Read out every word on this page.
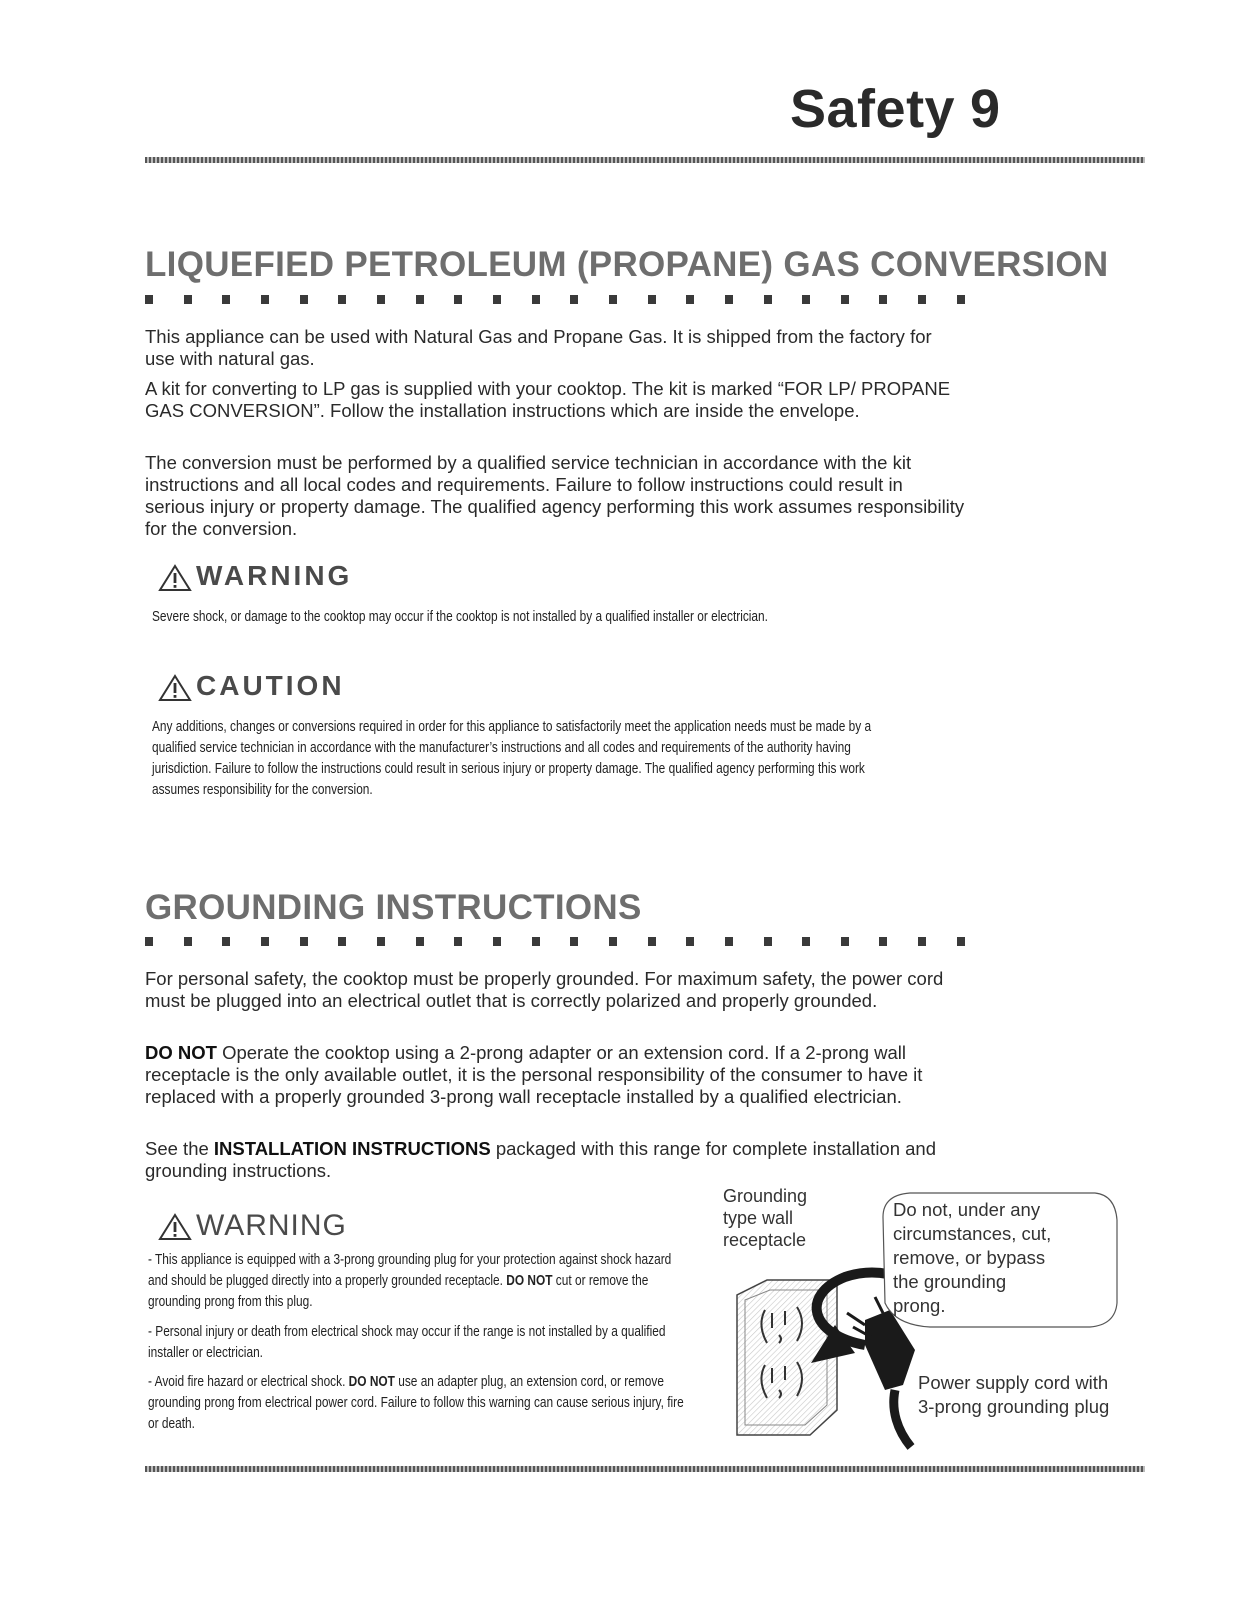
Safety 9
LIQUEFIED PETROLEUM (PROPANE) GAS CONVERSION
This appliance can be used with Natural Gas and Propane Gas. It is shipped from the factory for use with natural gas.
A kit for converting to LP gas is supplied with your cooktop. The kit is marked “FOR LP/ PROPANE GAS CONVERSION”. Follow the installation instructions which are inside the envelope.
The conversion must be performed by a qualified service technician in accordance with the kit instructions and all local codes and requirements. Failure to follow instructions could result in serious injury or property damage. The qualified agency performing this work assumes responsibility for the conversion.
WARNING
Severe shock, or damage to the cooktop may occur if the cooktop is not installed by a qualified installer or electrician.
CAUTION
Any additions, changes or conversions required in order for this appliance to satisfactorily meet the application needs must be made by a qualified service technician in accordance with the manufacturer’s instructions and all codes and requirements of the authority having jurisdiction. Failure to follow the instructions could result in serious injury or property damage. The qualified agency performing this work assumes responsibility for the conversion.
GROUNDING INSTRUCTIONS
For personal safety, the cooktop must be properly grounded. For maximum safety, the power cord must be plugged into an electrical outlet that is correctly polarized and properly grounded.
DO NOT Operate the cooktop using a 2-prong adapter or an extension cord. If a 2-prong wall receptacle is the only available outlet, it is the personal responsibility of the consumer to have it replaced with a properly grounded 3-prong wall receptacle installed by a qualified electrician.
See the INSTALLATION INSTRUCTIONS packaged with this range for complete installation and grounding instructions.
WARNING
- This appliance is equipped with a 3-prong grounding plug for your protection against shock hazard and should be plugged directly into a properly grounded receptacle. DO NOT cut or remove the grounding prong from this plug.
- Personal injury or death from electrical shock may occur if the range is not installed by a qualified installer or electrician.
- Avoid fire hazard or electrical shock. DO NOT use an adapter plug, an extension cord, or remove grounding prong from electrical power cord. Failure to follow this warning can cause serious injury, fire or death.
Grounding
type wall
receptacle
Do not, under any
circumstances, cut,
remove, or bypass
the grounding
prong.
Power supply cord with
3-prong grounding plug
